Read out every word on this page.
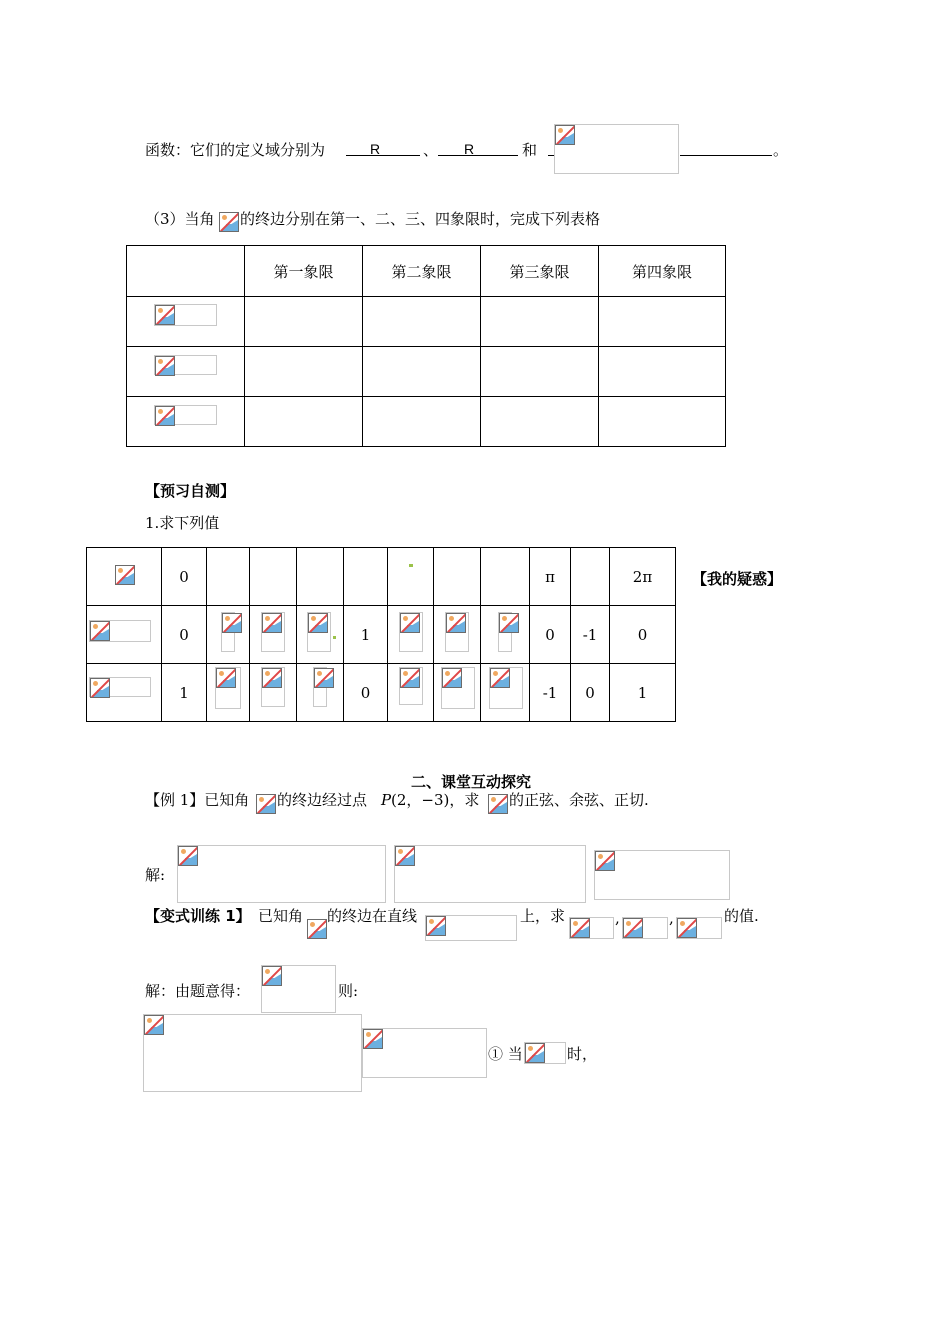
函数：它们的定义域分别为	R	、 R	和	。
（3）当角 的终边分别在第一、二、三、四象限时，完成下列表格
	第一象限	第二象限	第三象限	第四象限

【预习自测】
1.求下列值
【我的疑惑】
	0								π		2π

	0				1				0	-1	0

	1				0				-1	0	1
二、课堂互动探究
【例 1】已知角 的终边经过点 P (2，−3)，求 的正弦、余弦、正切.
解:
【变式训练 1】 已知角 的终边在直线	上，求	,	,	的值.
解：由题意得：	则:
① 当	时，
